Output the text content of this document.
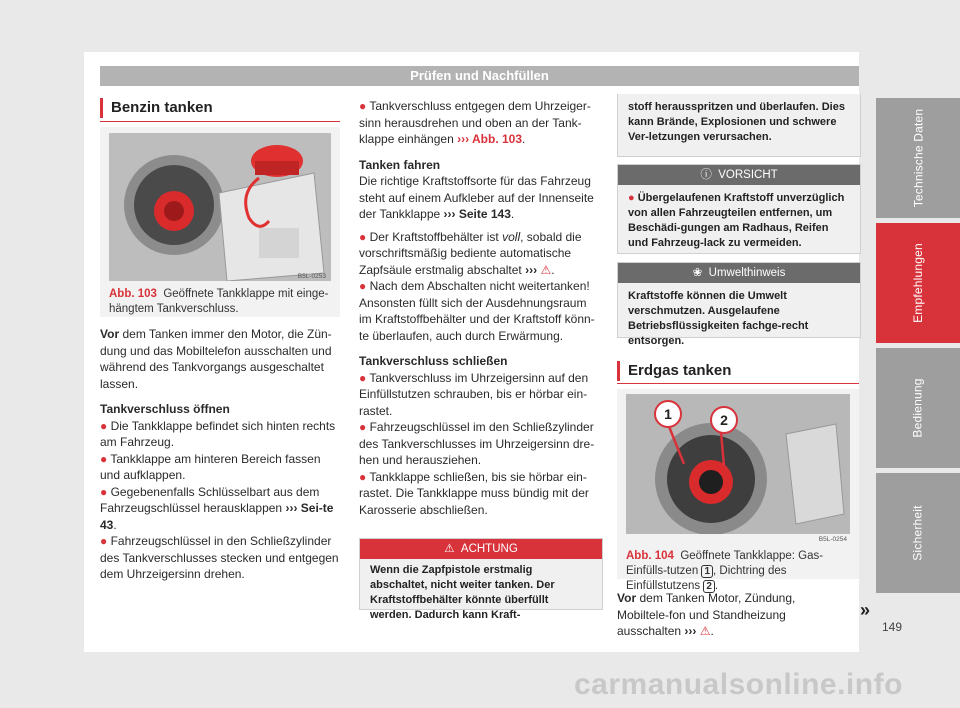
Prüfen und Nachfüllen
Technische Daten
Empfehlungen
Bedienung
Sicherheit
Benzin tanken
B5L-0253
Abb. 103 Geöffnete Tankklappe mit einge-hängtem Tankverschluss.

Vor dem Tanken immer den Motor, die Zün-dung und das Mobiltelefon ausschalten und während des Tankvorgangs ausgeschaltet lassen.

Tankverschluss öffnen

● Die Tankklappe befindet sich hinten rechts am Fahrzeug.

● Tankklappe am hinteren Bereich fassen und aufklappen.

● Gegebenenfalls Schlüsselbart aus dem Fahrzeugschlüssel herausklappen ››› Sei-te 43.

● Fahrzeugschlüssel in den Schließzylinder des Tankverschlusses stecken und entgegen dem Uhrzeigersinn drehen.

● Tankverschluss entgegen dem Uhrzeiger-sinn herausdrehen und oben an der Tank-klappe einhängen ››› Abb. 103.

Tanken fahren

Die richtige Kraftstoffsorte für das Fahrzeug steht auf einem Aufkleber auf der Innenseite der Tankklappe ››› Seite 143.

● Der Kraftstoffbehälter ist voll, sobald die vorschriftsmäßig bediente automatische Zapfsäule erstmalig abschaltet ››› ⚠.

● Nach dem Abschalten nicht weitertanken! Ansonsten füllt sich der Ausdehnungsraum im Kraftstoffbehälter und der Kraftstoff könn-te überlaufen, auch durch Erwärmung.

Tankverschluss schließen

● Tankverschluss im Uhrzeigersinn auf den Einfüllstutzen schrauben, bis er hörbar ein-rastet.

● Fahrzeugschlüssel im den Schließzylinder des Tankverschlusses im Uhrzeigersinn dre-hen und herausziehen.

● Tankklappe schließen, bis sie hörbar ein-rastet. Die Tankklappe muss bündig mit der Karosserie abschließen.

⚠ ACHTUNG
Wenn die Zapfpistole erstmalig abschaltet, nicht weiter tanken. Der Kraftstoffbehälter könnte überfüllt werden. Dadurch kann Kraft-
stoff herausspritzen und überlaufen. Dies kann Brände, Explosionen und schwere Ver-letzungen verursachen.
ⓘ VORSICHT
● Übergelaufenen Kraftstoff unverzüglich von allen Fahrzeugteilen entfernen, um Beschädi-gungen am Radhaus, Reifen und Fahrzeug-lack zu vermeiden.
❀ Umwelthinweis
Kraftstoffe können die Umwelt verschmutzen. Ausgelaufene Betriebsflüssigkeiten fachge-recht entsorgen.
Erdgas tanken
1	2
B5L-0254
Abb. 104 Geöffnete Tankklappe: Gas-Einfülls-tutzen 1 , Dichtring des Einfüllstutzens 2 .

Vor dem Tanken Motor, Zündung, Mobiltele-fon und Standheizung ausschalten ››› ⚠.

»
149
carmanualsonline.info
